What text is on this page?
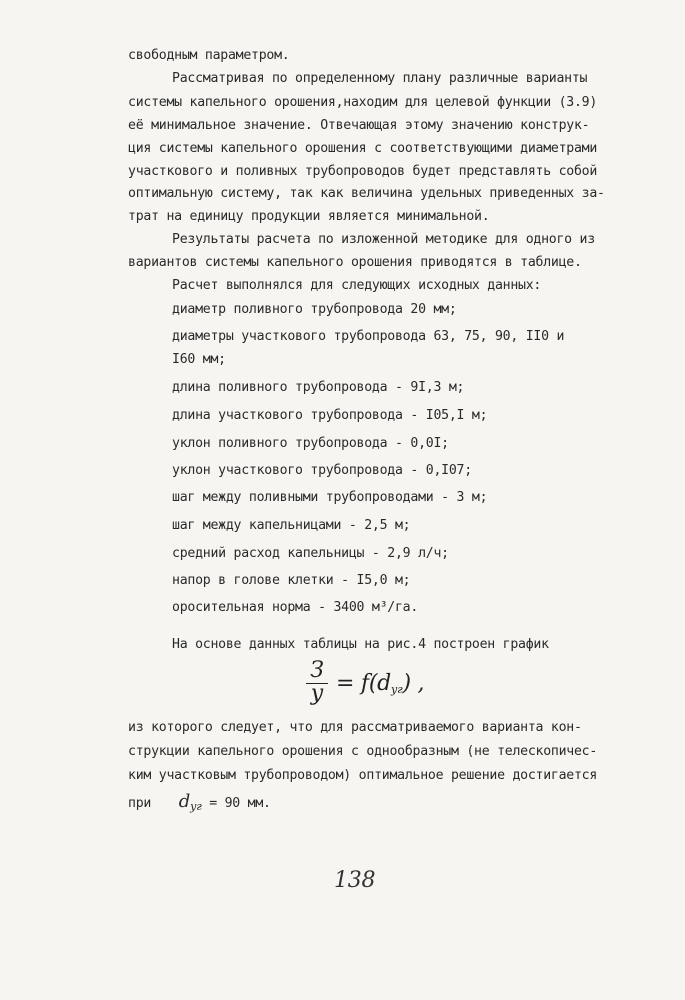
свободным параметром.
Рассматривая по определенному плану различные варианты
системы капельного орошения,находим для целевой функции (3.9)
её минимальное значение. Отвечающая этому значению конструк-
ция системы капельного орошения с соответствующими диаметрами
участкового и поливных трубопроводов будет представлять собой
оптимальную систему, так как величина удельных приведенных за-
трат на единицу продукции является минимальной.
Результаты расчета по изложенной методике для одного из
вариантов системы капельного орошения приводятся в таблице.
Расчет выполнялся для следующих исходных данных:
диаметр поливного трубопровода 20 мм;
диаметры участкового трубопровода 63, 75, 90, II0 и
I60 мм;
длина поливного трубопровода - 9I,3 м;
длина участкового трубопровода - I05,I м;
уклон поливного трубопровода - 0,0I;
уклон участкового трубопровода - 0,I07;
шаг между поливными трубопроводами - 3 м;
шаг между капельницами - 2,5 м;
средний расход капельницы - 2,9 л/ч;
напор в голове клетки - I5,0 м;
оросительная норма - 3400 м³/га.
На основе данных таблицы на рис.4 построен график
З
$у = f(d_{уг})$ ,
из которого следует, что для рассматриваемого варианта кон-
струкции капельного орошения с однообразным (не телескопичес-
ким участковым трубопроводом) оптимальное решение достигается
при $d_{уг} = 90$ мм.
138
